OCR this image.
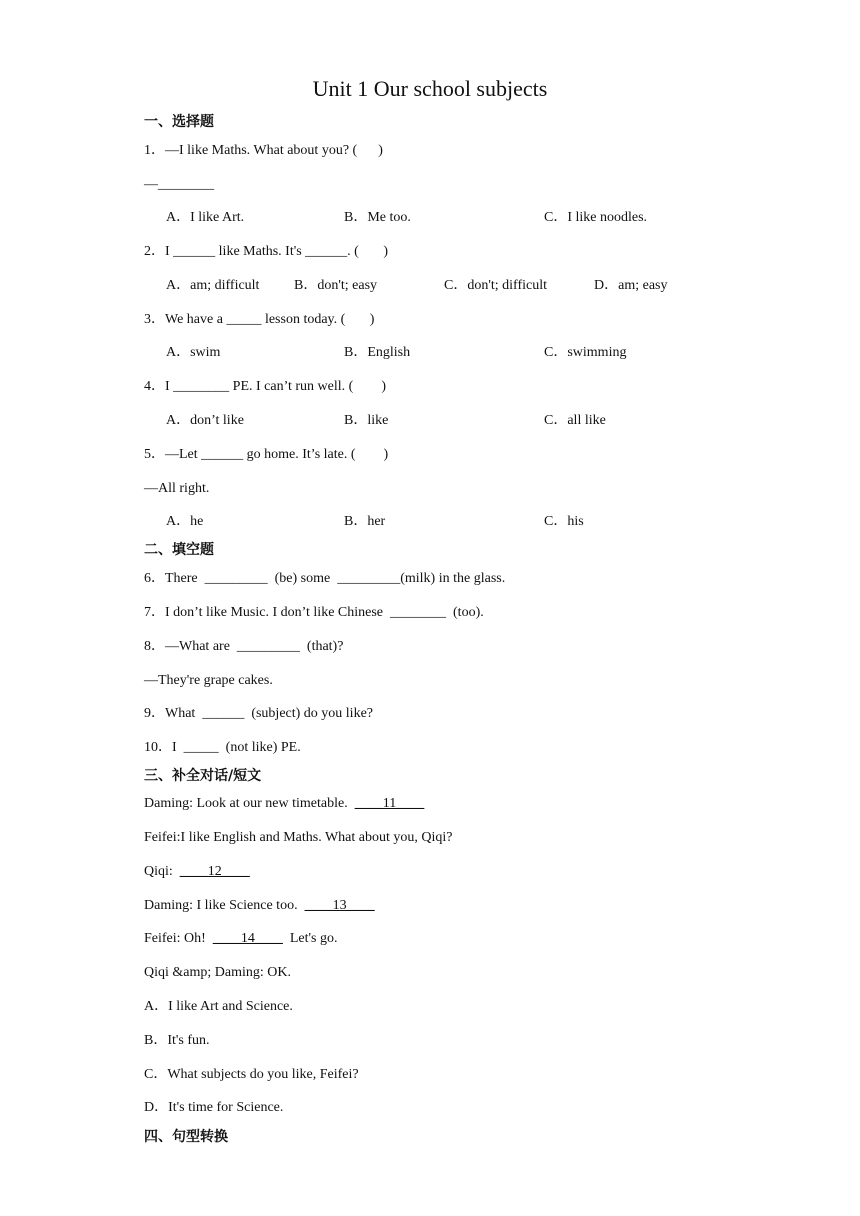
Unit 1 Our school subjects
一、选择题
1．—I like Maths. What about you? (      )
—________
A．I like Art.	B．Me too.	C．I like noodles.
2．I ______ like Maths. It's ______. (       )
A．am; difficult B．don't; easy	C．don't; difficult	D．am; easy
3．We have a _____ lesson today. (       )
A．swim	B．English	C．swimming
4．I ________ PE. I can’t run well. (        )
A．don’t like	B．like	C．all like
5．—Let ______ go home. It’s late. (        )
—All right.
A．he	B．her	C．his
二、填空题
6．There  _________  (be) some  _________(milk) in the glass.
7．I don’t like Music. I don’t like Chinese  ________  (too).
8．—What are  _________  (that)?
—They're grape cakes.
9．What  ______  (subject) do you like?
10．I  _____  (not like) PE.
三、补全对话/短文
Daming: Look at our new timetable.  ____11____
Feifei:I like English and Maths. What about you, Qiqi?
Qiqi:  ____12____
Daming: I like Science too.  ____13____
Feifei: Oh!  ____14____  Let's go.
Qiqi &amp; Daming: OK.
A．I like Art and Science.
B．It's fun.
C．What subjects do you like, Feifei?
D．It's time for Science.
四、句型转换
